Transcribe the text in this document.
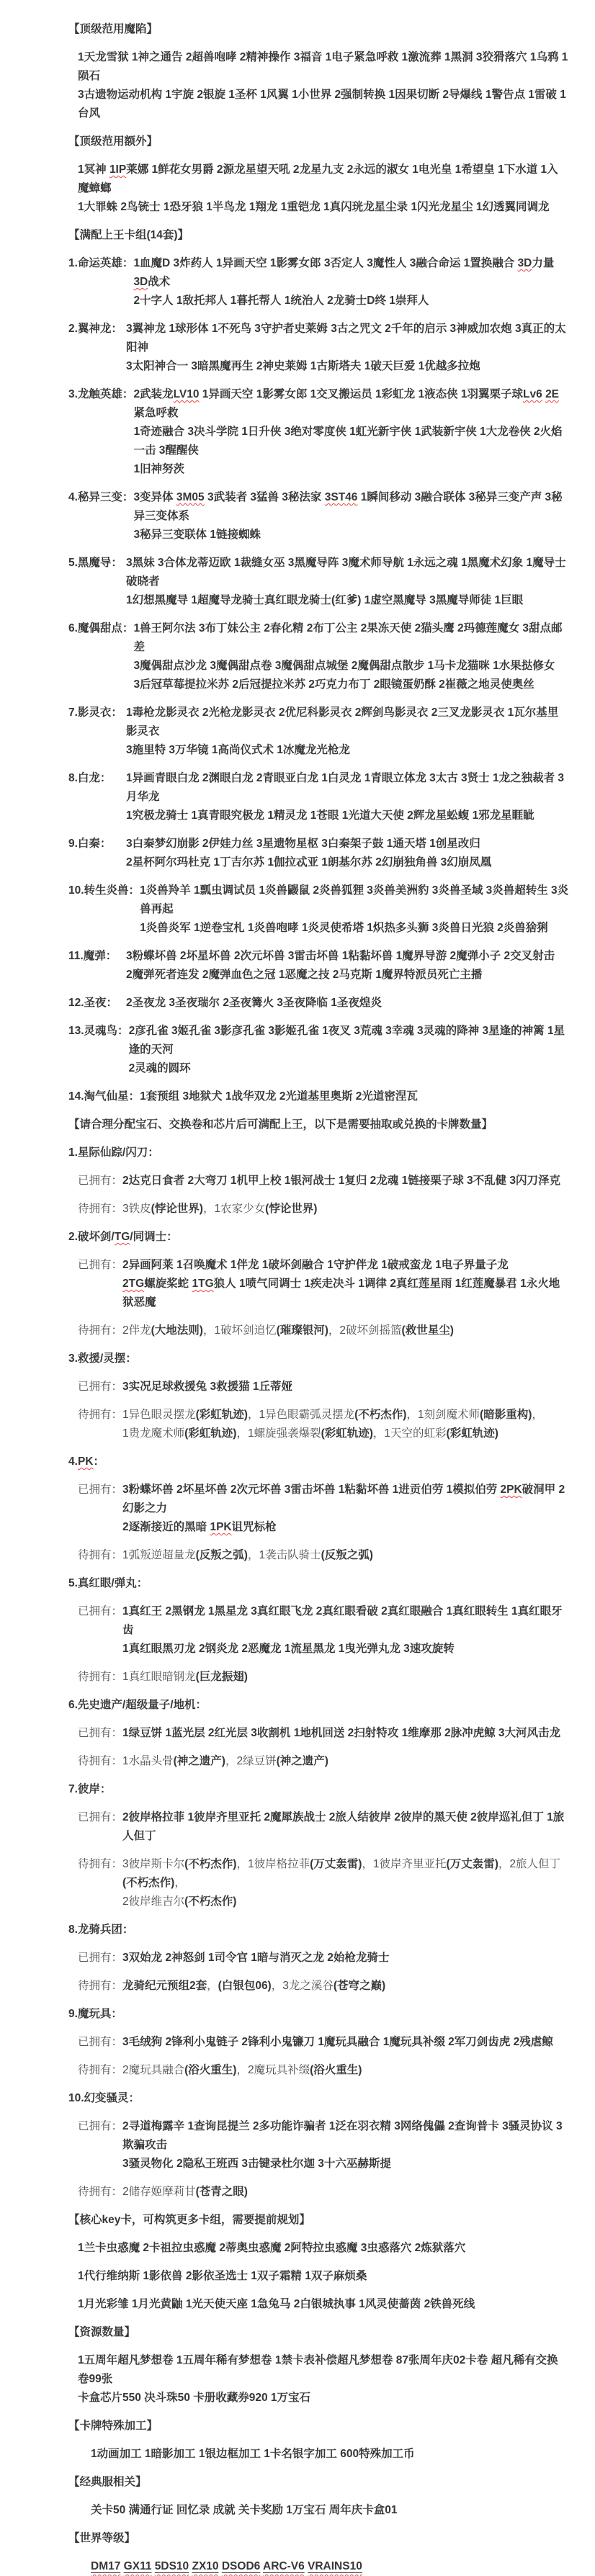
【顶级范用魔陷】
1天龙雪狱 1神之通告 2超兽咆哮 2精神操作 3福音 1电子紧急呼救 1激流葬 1黑洞 3狡猾落穴 1乌鸦 1陨石
3古遗物运动机构 1宇旋 2银旋 1圣杯 1风翼 1小世界 2强制转换 1因果切断 2导爆线 1警告点 1雷破 1台风
【顶级范用额外】
1冥神 1IP莱娜 1鲜花女男爵 2源龙星望天吼 2龙星九支 2永远的淑女 1电光皇 1希望皇 1下水道 1入魔蟑螂
1大罪蛛 2鸟铳士 1恐牙狼 1半鸟龙 1翔龙 1重铠龙 1真闪珖龙星尘录 1闪光龙星尘 1幻透翼同调龙
【满配上王卡组(14套)】
1.命运英雄： 1血魔D 3炸药人 1异画天空 1影雾女郎 3否定人 3魔性人 3融合命运 1置换融合 3D力量 3D战术
2十字人 1敌托邦人 1暮托帮人 1统治人 2龙骑士D终 1崇拜人
2.翼神龙： 3翼神龙 1球形体 1不死鸟 3守护者史莱姆 3古之咒文 2千年的启示 3神威加农炮 3真正的太阳神
3太阳神合一 3暗黑魔再生 2神史莱姆 1古斯塔夫 1破天巨爱 1优越多拉炮
3.龙触英雄： 2武装龙LV10 1异画天空 1影雾女郎 1交叉搬运员 1彩虹龙 1液态侠 1羽翼栗子球Lv6 2E紧急呼救
1奇迹融合 3决斗学院 1日升侠 3绝对零度侠 1虹光新宇侠 1武装新宇侠 1大龙卷侠 2火焰一击 3醒醒侠
1旧神努茨
4.秘异三变： 3变异体 3M05 3武装者 3猛兽 3秘法家 3ST46 1瞬间移动 3融合联体 3秘异三变产声 3秘异三变体系
3秘异三变联体 1链接蜘蛛
5.黑魔导： 3黑妹 3合体龙蒂迈欧 1裁缝女巫 3黑魔导阵 3魔术师导航 1永远之魂 1黑魔术幻象 1魔导士破晓者
1幻想黑魔导 1超魔导龙骑士真红眼龙骑士(红爹) 1虚空黑魔导 3黑魔导师徒 1巨眼
6.魔偶甜点： 1兽王阿尔法 3布丁妹公主 2春化精 2布丁公主 2果冻天使 2猫头鹰 2玛德莲魔女 3甜点邮差
3魔偶甜点沙龙 3魔偶甜点卷 3魔偶甜点城堡 2魔偶甜点散步 1马卡龙猫咪 1水果挞修女
3后冠草莓提拉米苏 2后冠提拉米苏 2巧克力布丁 2眼镜蛋奶酥 2崔薇之地灵使奥丝
7.影灵衣： 1毒枪龙影灵衣 2光枪龙影灵衣 2优尼科影灵衣 2辉剑鸟影灵衣 2三叉龙影灵衣 1瓦尔基里影灵衣
3施里特 3万华镜 1高尚仪式术 1冰魔龙光枪龙
8.白龙：	1异画青眼白龙 2渊眼白龙 2青眼亚白龙 1白灵龙 1青眼立体龙 3太古 3贤士 1龙之独裁者 3月华龙
1究极龙骑士 1真青眼究极龙 1精灵龙 1苍眼 1光道大天使 2辉龙星蚣蝮 1邪龙星睚眦
9.白秦：	3白秦梦幻崩影 2伊娃力丝 3星遗物星枢 3白秦架子鼓 1通天塔 1创星改归
2星杯阿尔玛杜克 1丁吉尔苏 1伽拉忒亚 1朗基尔苏 2幻崩独角兽 3幻崩凤凰
10.转生炎兽： 1炎兽羚羊 1瓢虫调试员 1炎兽鼹鼠 2炎兽狐狸 3炎兽美洲豹 3炎兽圣域 3炎兽超转生 3炎兽再起
1炎兽炎军 1逆卷宝札 1炎兽咆哮 1炎灵使希塔 1炽热多头狮 3炎兽日光狼 2炎兽猞猁
11.魔弹： 3粉蝶坏兽 2坏星坏兽 2次元坏兽 3雷击坏兽 1粘黏坏兽 1魔界导游 2魔弹小子 2交叉射击
2魔弹死者连发 2魔弹血色之冠 1恶魔之技 2马克斯 1魔界特派员死亡主播
12.圣夜： 2圣夜龙 3圣夜瑞尔 2圣夜篝火 3圣夜降临 1圣夜煌炎
13.灵魂鸟： 2彦孔雀 3姬孔雀 3影彦孔雀 3影姬孔雀 1夜叉 3荒魂 3幸魂 3灵魂的降神 3星逢的神篱 1星逢的天河
2灵魂的圆环
14.淘气仙星： 1套预组 3地狱犬 1战华双龙 2光道基里奥斯 2光道密涅瓦
【请合理分配宝石、交换卷和芯片后可满配上王，以下是需要抽取或兑换的卡牌数量】
1.星际仙踪/闪刀：
已拥有： 2达克日食者 2大弯刀 1机甲上校 1银河战士 1复归 2龙魂 1链接栗子球 3不乱健 3闪刀泽克
待拥有： 3铁皮(悖论世界)，1农家少女(悖论世界)
2.破坏剑/TG/同调士：
已拥有： 2异画阿莱 1召唤魔术 1伴龙 1破坏剑融合 1守护伴龙 1破戒蛮龙 1电子界量子龙
2TG螺旋桨蛇 1TG狼人 1喷气同调士 1疾走决斗 1调律 2真红莲星雨 1红莲魔暴君 1永火地狱恶魔
待拥有： 2伴龙(大地法则)，1破坏剑追忆(璀璨银河)，2破坏剑摇篮(救世星尘)
3.救援/灵摆：
已拥有： 3实况足球救援兔 3救援猫 1丘蒂娅
待拥有： 1异色眼灵摆龙(彩虹轨迹)，1异色眼霸弧灵摆龙(不朽杰作)，1刻剑魔术师(暗影重构)，
1贵龙魔术师(彩虹轨迹)，1螺旋强袭爆裂(彩虹轨迹)，1天空的虹彩(彩虹轨迹)
4.PK：
已拥有： 3粉蝶坏兽 2坏星坏兽 2次元坏兽 3雷击坏兽 1粘黏坏兽 1进贡伯劳 1模拟伯劳 2PK破洞甲 2幻影之力
2逐渐接近的黑暗 1PK诅咒标枪
待拥有： 1弧叛逆超量龙(反叛之弧)，1袭击队骑士(反叛之弧)
5.真红眼/弹丸：
已拥有： 1真红王 2黑钢龙 1黑星龙 3真红眼飞龙 2真红眼看破 2真红眼融合 1真红眼转生 1真红眼牙齿
1真红眼黑刃龙 2钢炎龙 2恶魔龙 1流星黑龙 1曳光弹丸龙 3速攻旋转
待拥有： 1真红眼暗钢龙(巨龙振翅)
6.先史遗产/超级量子/地机：
已拥有： 1绿豆饼 1蓝光层 2红光层 3收割机 1地机回送 2扫射特攻 1维摩那 2脉冲虎鲸 3大河风击龙
待拥有： 1水晶头骨(神之遗产)，2绿豆饼(神之遗产)
7.彼岸：
已拥有： 2彼岸格拉菲 1彼岸齐里亚托 2魔犀族战士 2旅人结彼岸 2彼岸的黑天使 2彼岸巡礼但丁 1旅人但丁
待拥有： 3彼岸斯卡尔(不朽杰作)，1彼岸格拉菲(万丈轰雷)，1彼岸齐里亚托(万丈轰雷)，2旅人但丁(不朽杰作)，
2彼岸维吉尔(不朽杰作)
8.龙骑兵团：
已拥有： 3双始龙 2神怒剑 1司令官 1暗与消灭之龙 2始枪龙骑士
待拥有： 龙骑纪元预组2套，(白银包06)，3龙之溪谷(苍穹之巅)
9.魔玩具：
已拥有： 3毛绒狗 2锋利小鬼链子 2锋利小鬼镰刀 1魔玩具融合 1魔玩具补缀 2军刀剑齿虎 2残虐鲸
待拥有： 2魔玩具融合(浴火重生)，2魔玩具补缀(浴火重生)
10.幻变骚灵：
已拥有： 2寻道梅露辛 1查询昆提兰 2多功能诈骗者 1泛在羽衣精 3网络傀儡 2查询普卡 3骚灵协议 3欺骗攻击
3骚灵物化 2隐私王班西 3击键录杜尔迦 3十六巫赫斯提
待拥有： 2储存姬摩莉甘(苍青之眼)
【核心key卡，可构筑更多卡组，需要提前规划】
1兰卡虫惑魔 2卡祖拉虫惑魔 2蒂奥虫惑魔 2阿特拉虫惑魔 3虫惑落穴 2炼狱落穴
1代行维纳斯 1影依兽 2影依圣选士 1双子霜精 1双子麻烦桑
1月光彩雏 1月光黄鼬 1光天使天座 1急兔马 2白银城执事 1风灵使蔷茵 2铁兽死线
【资源数量】
1五周年超凡梦想卷 1五周年稀有梦想卷 1禁卡表补偿超凡梦想卷 87张周年庆02卡卷 超凡稀有交换卷99张
卡盒芯片550 决斗珠50 卡册收藏券920 1万宝石
【卡牌特殊加工】
1动画加工 1暗影加工 1银边框加工 1卡名银字加工 600特殊加工币
【经典服相关】
关卡50 满通行证 回忆录 成就 关卡奖励 1万宝石 周年庆卡盒01
【世界等级】
DM17 GX11 5DS10 ZX10 DSOD6 ARC-V6 VRAINS10
